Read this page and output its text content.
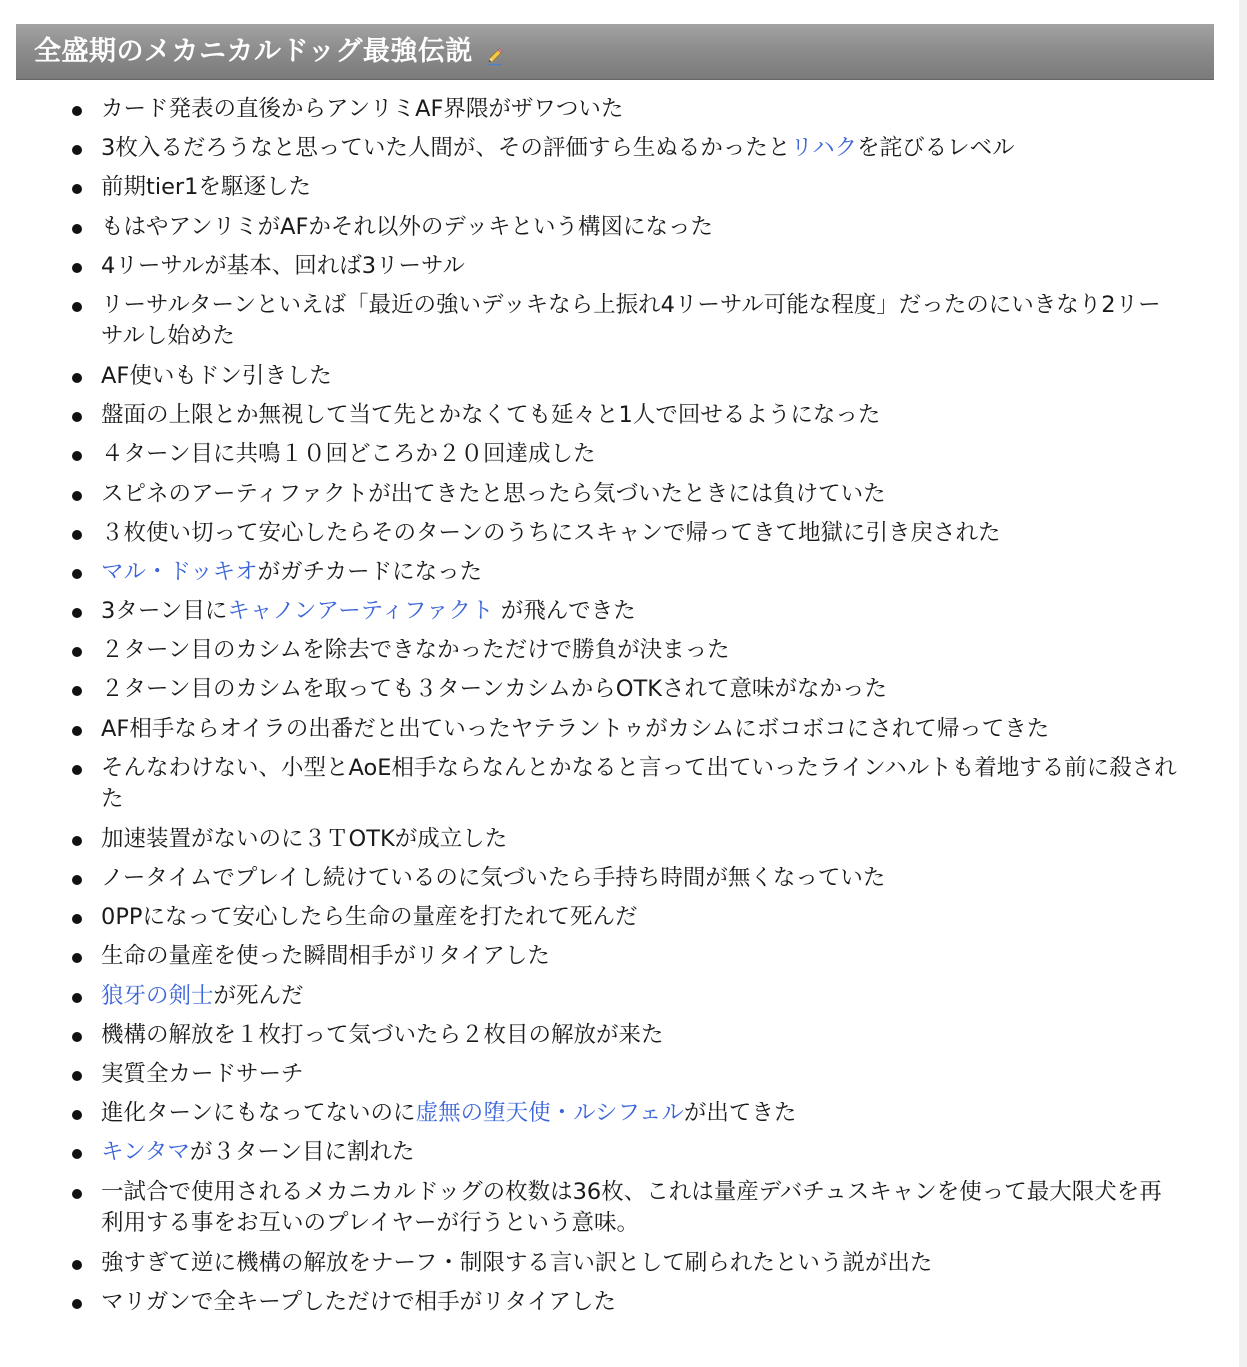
全盛期のメカニカルドッグ最強伝説
カード発表の直後からアンリミAF界隈がザワついた
3枚入るだろうなと思っていた人間が、その評価すら生ぬるかったとリハクを詫びるレベル
前期tier1を駆逐した
もはやアンリミがAFかそれ以外のデッキという構図になった
4リーサルが基本、回れば3リーサル
リーサルターンといえば「最近の強いデッキなら上振れ4リーサル可能な程度」だったのにいきなり2リーサルし始めた
AF使いもドン引きした
盤面の上限とか無視して当て先とかなくても延々と1人で回せるようになった
４ターン目に共鳴１０回どころか２０回達成した
スピネのアーティファクトが出てきたと思ったら気づいたときには負けていた
３枚使い切って安心したらそのターンのうちにスキャンで帰ってきて地獄に引き戻された
マル・ドッキオがガチカードになった
3ターン目にキャノンアーティファクト が飛んできた
２ターン目のカシムを除去できなかっただけで勝負が決まった
２ターン目のカシムを取っても３ターンカシムからOTKされて意味がなかった
AF相手ならオイラの出番だと出ていったヤテラントゥがカシムにボコボコにされて帰ってきた
そんなわけない、小型とAoE相手ならなんとかなると言って出ていったラインハルトも着地する前に殺された
加速装置がないのに３ＴOTKが成立した
ノータイムでプレイし続けているのに気づいたら手持ち時間が無くなっていた
0PPになって安心したら生命の量産を打たれて死んだ
生命の量産を使った瞬間相手がリタイアした
狼牙の剣士が死んだ
機構の解放を１枚打って気づいたら２枚目の解放が来た
実質全カードサーチ
進化ターンにもなってないのに虚無の堕天使・ルシフェルが出てきた
キンタマが３ターン目に割れた
一試合で使用されるメカニカルドッグの枚数は36枚、これは量産デバチュスキャンを使って最大限犬を再利用する事をお互いのプレイヤーが行うという意味。
強すぎて逆に機構の解放をナーフ・制限する言い訳として刷られたという説が出た
マリガンで全キープしただけで相手がリタイアした
